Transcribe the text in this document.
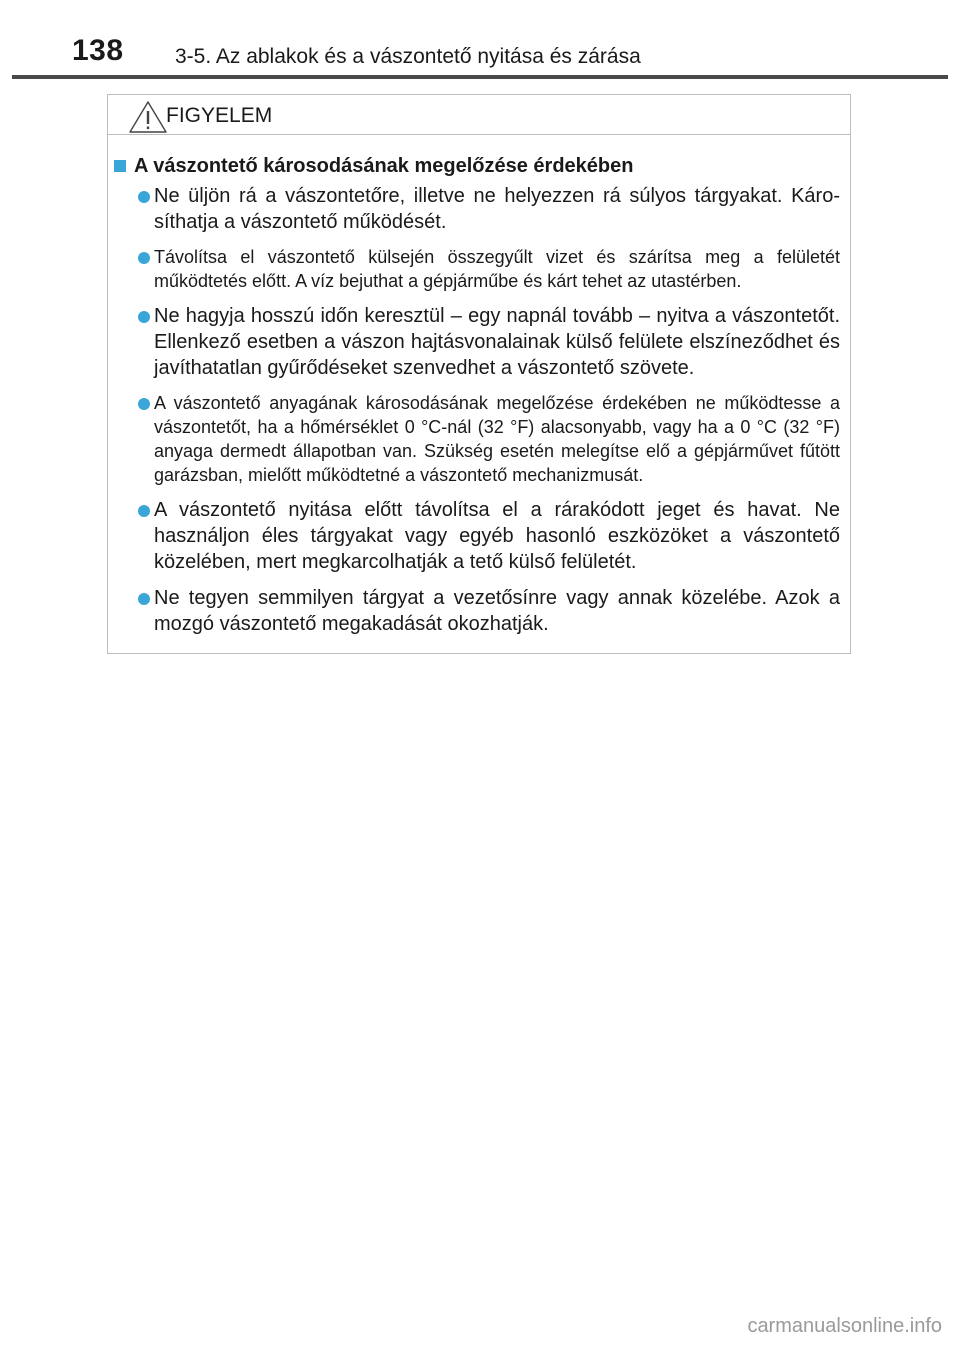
138 3-5. Az ablakok és a vászontető nyitása és zárása
FIGYELEM
A vászontető károsodásának megelőzése érdekében
Ne üljön rá a vászontetőre, illetve ne helyezzen rá súlyos tárgyakat. Károsíthatja a vászontető működését.
Távolítsa el vászontető külsején összegyűlt vizet és szárítsa meg a felületét működtetés előtt. A víz bejuthat a gépjárműbe és kárt tehet az utastérben.
Ne hagyja hosszú időn keresztül – egy napnál tovább – nyitva a vászontetőt. Ellenkező esetben a vászon hajtásvonalainak külső felülete elszíneződhet és javíthatatlan gyűrődéseket szenvedhet a vászontető szövete.
A vászontető anyagának károsodásának megelőzése érdekében ne működtesse a vászontetőt, ha a hőmérséklet 0 °C-nál (32 °F) alacsonyabb, vagy ha a 0 °C (32 °F) anyaga dermedt állapotban van. Szükség esetén melegítse elő a gépjárművet fűtött garázsban, mielőtt működtetné a vászontető mechanizmusát.
A vászontető nyitása előtt távolítsa el a rárakódott jeget és havat. Ne használjon éles tárgyakat vagy egyéb hasonló eszközöket a vászontető közelében, mert megkarcolhatják a tető külső felületét.
Ne tegyen semmilyen tárgyat a vezetősínre vagy annak közelébe. Azok a mozgó vászontető megakadását okozhatják.
carmanualsonline.info
